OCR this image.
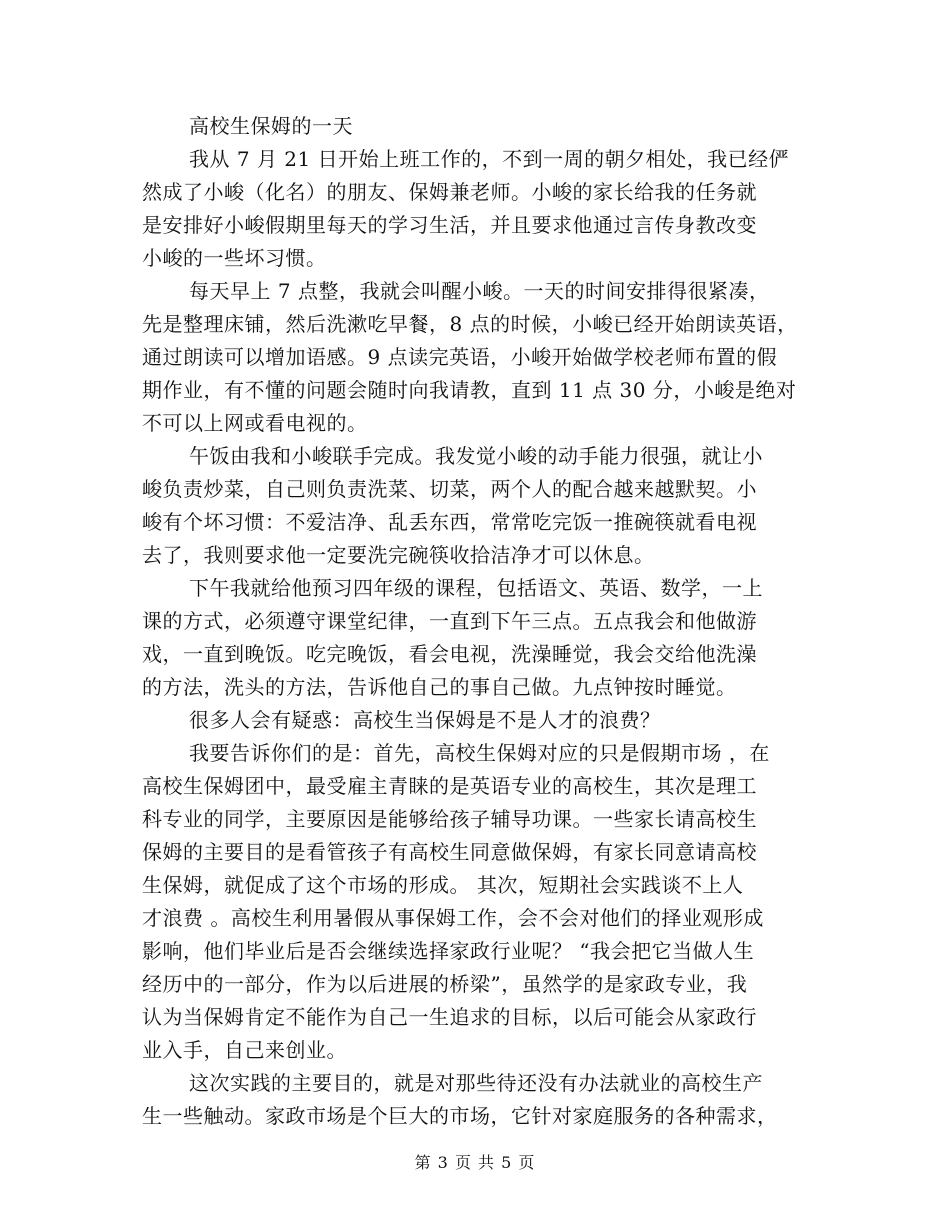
高校生保姆的一天
我从 7 月 21 日开始上班工作的，不到一周的朝夕相处，我已经俨
然成了小峻（化名）的朋友、保姆兼老师。小峻的家长给我的任务就
是安排好小峻假期里每天的学习生活，并且要求他通过言传身教改变
小峻的一些坏习惯。
每天早上 7 点整，我就会叫醒小峻。一天的时间安排得很紧凑，
先是整理床铺，然后洗漱吃早餐，8 点的时候，小峻已经开始朗读英语，
通过朗读可以增加语感。9 点读完英语，小峻开始做学校老师布置的假
期作业，有不懂的问题会随时向我请教，直到 11 点 30 分，小峻是绝对
不可以上网或看电视的。
午饭由我和小峻联手完成。我发觉小峻的动手能力很强，就让小
峻负责炒菜，自己则负责洗菜、切菜，两个人的配合越来越默契。小
峻有个坏习惯：不爱洁净、乱丢东西，常常吃完饭一推碗筷就看电视
去了，我则要求他一定要洗完碗筷收拾洁净才可以休息。
下午我就给他预习四年级的课程，包括语文、英语、数学，一上
课的方式，必须遵守课堂纪律，一直到下午三点。五点我会和他做游
戏，一直到晚饭。吃完晚饭，看会电视，洗澡睡觉，我会交给他洗澡
的方法，洗头的方法，告诉他自己的事自己做。九点钟按时睡觉。
很多人会有疑惑：高校生当保姆是不是人才的浪费？
我要告诉你们的是：首先，高校生保姆对应的只是假期市场 ，在
高校生保姆团中，最受雇主青睐的是英语专业的高校生，其次是理工
科专业的同学，主要原因是能够给孩子辅导功课。一些家长请高校生
保姆的主要目的是看管孩子有高校生同意做保姆，有家长同意请高校
生保姆，就促成了这个市场的形成。 其次，短期社会实践谈不上人
才浪费 。高校生利用暑假从事保姆工作，会不会对他们的择业观形成
影响，他们毕业后是否会继续选择家政行业呢？ “我会把它当做人生
经历中的一部分，作为以后进展的桥梁”，虽然学的是家政专业，我
认为当保姆肯定不能作为自己一生追求的目标，以后可能会从家政行
业入手，自己来创业。
这次实践的主要目的，就是对那些待还没有办法就业的高校生产
生一些触动。家政市场是个巨大的市场，它针对家庭服务的各种需求，
第 3 页 共 5 页
